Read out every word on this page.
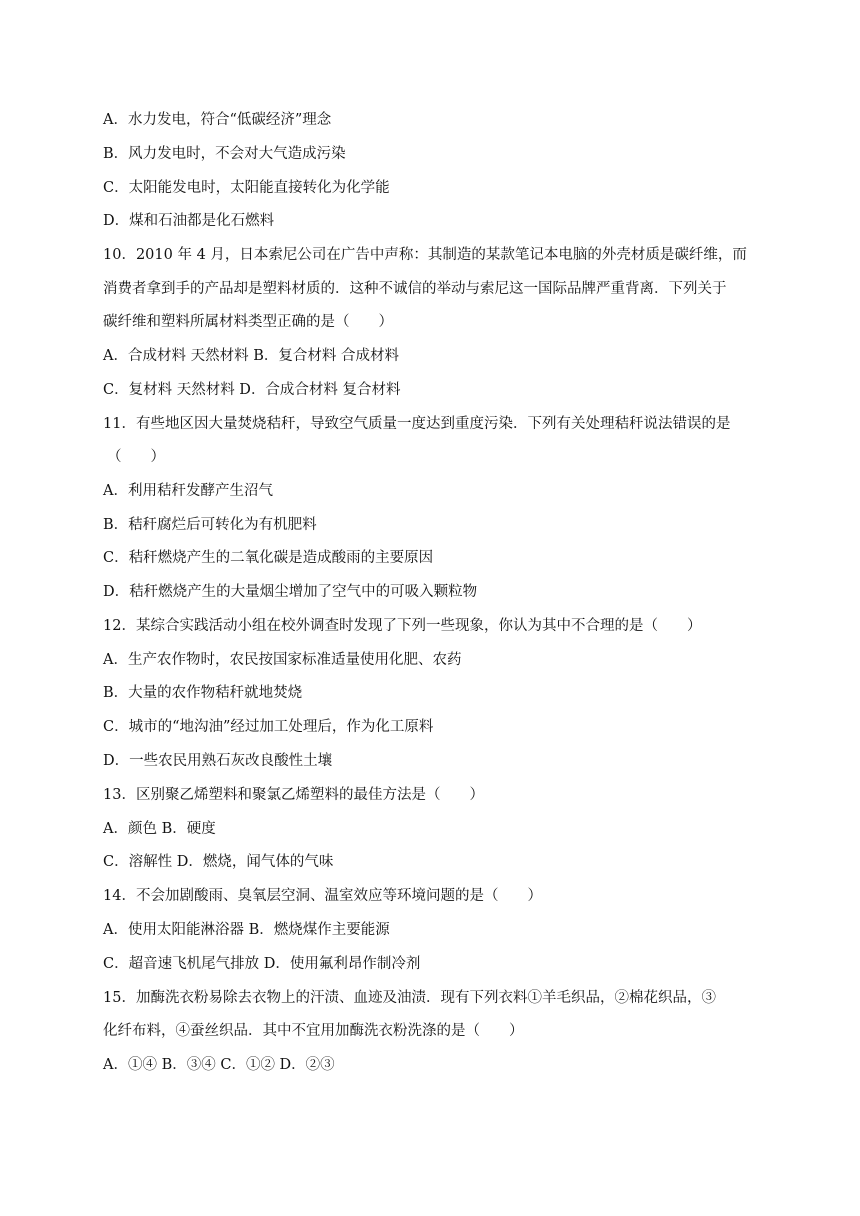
A．水力发电，符合“低碳经济”理念
B．风力发电时，不会对大气造成污染
C．太阳能发电时，太阳能直接转化为化学能
D．煤和石油都是化石燃料
10．2010 年 4 月，日本索尼公司在广告中声称：其制造的某款笔记本电脑的外壳材质是碳纤维，而
消费者拿到手的产品却是塑料材质的．这种不诚信的举动与索尼这一国际品牌严重背离．下列关于
碳纤维和塑料所属材料类型正确的是（　　）
A．合成材料 天然材料 B．复合材料 合成材料
C．复材料 天然材料 D．合成合材料 复合材料
11．有些地区因大量焚烧秸秆，导致空气质量一度达到重度污染．下列有关处理秸秆说法错误的是
（　　）
A．利用秸秆发酵产生沼气
B．秸秆腐烂后可转化为有机肥料
C．秸秆燃烧产生的二氧化碳是造成酸雨的主要原因
D．秸秆燃烧产生的大量烟尘增加了空气中的可吸入颗粒物
12．某综合实践活动小组在校外调查时发现了下列一些现象，你认为其中不合理的是（　　）
A．生产农作物时，农民按国家标准适量使用化肥、农药
B．大量的农作物秸秆就地焚烧
C．城市的“地沟油”经过加工处理后，作为化工原料
D．一些农民用熟石灰改良酸性土壤
13．区别聚乙烯塑料和聚氯乙烯塑料的最佳方法是（　　）
A．颜色 B．硬度
C．溶解性 D．燃烧，闻气体的气味
14．不会加剧酸雨、臭氧层空洞、温室效应等环境问题的是（　　）
A．使用太阳能淋浴器 B．燃烧煤作主要能源
C．超音速飞机尾气排放 D．使用氟利昂作制冷剂
15．加酶洗衣粉易除去衣物上的汗渍、血迹及油渍．现有下列衣料①羊毛织品，②棉花织品，③
化纤布料，④蚕丝织品．其中不宜用加酶洗衣粉洗涤的是（　　）
A．①④ B．③④ C．①② D．②③
